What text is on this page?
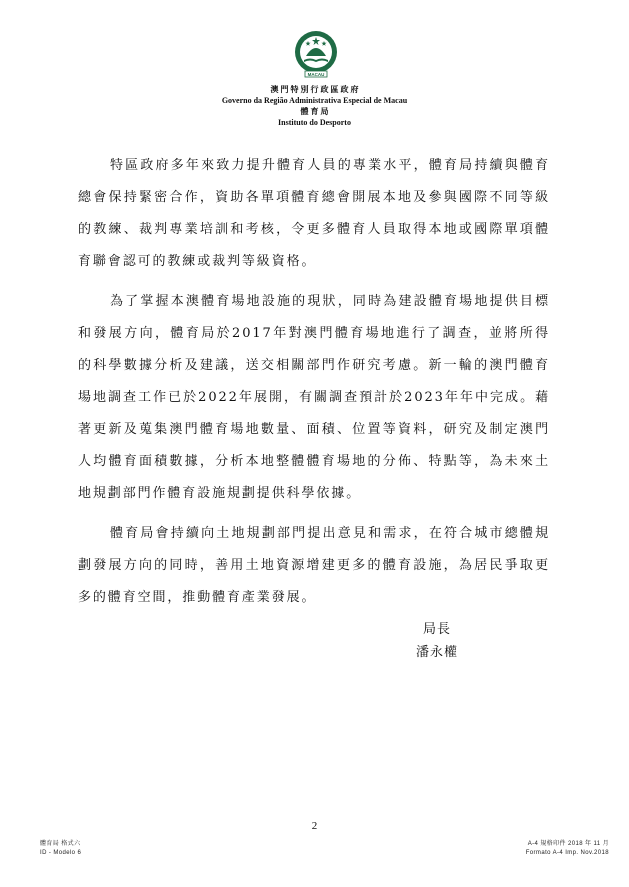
MACAU
澳 門 特 別 行 政 區 政 府
Governo da Região Administrativa Especial de Macau
體 育 局
Instituto do Desporto

特區政府多年來致力提升體育人員的專業水平，體育局持續與體育總會保持緊密合作，資助各單項體育總會開展本地及參與國際不同等級的教練、裁判專業培訓和考核，令更多體育人員取得本地或國際單項體育聯會認可的教練或裁判等級資格。

為了掌握本澳體育場地設施的現狀，同時為建設體育場地提供目標和發展方向，體育局於2017年對澳門體育場地進行了調查，並將所得的科學數據分析及建議，送交相關部門作研究考慮。新一輪的澳門體育場地調查工作已於2022年展開，有關調查預計於2023年年中完成。藉著更新及蒐集澳門體育場地數量、面積、位置等資料，研究及制定澳門人均體育面積數據，分析本地整體體育場地的分佈、特點等，為未來土地規劃部門作體育設施規劃提供科學依據。

體育局會持續向土地規劃部門提出意見和需求，在符合城市總體規劃發展方向的同時，善用土地資源增建更多的體育設施，為居民爭取更多的體育空間，推動體育產業發展。

局長
潘永權
2
體育局 格式六
ID - Modelo 6
A-4 規格印件 2018 年 11 月
Formato A-4 Imp. Nov.2018
